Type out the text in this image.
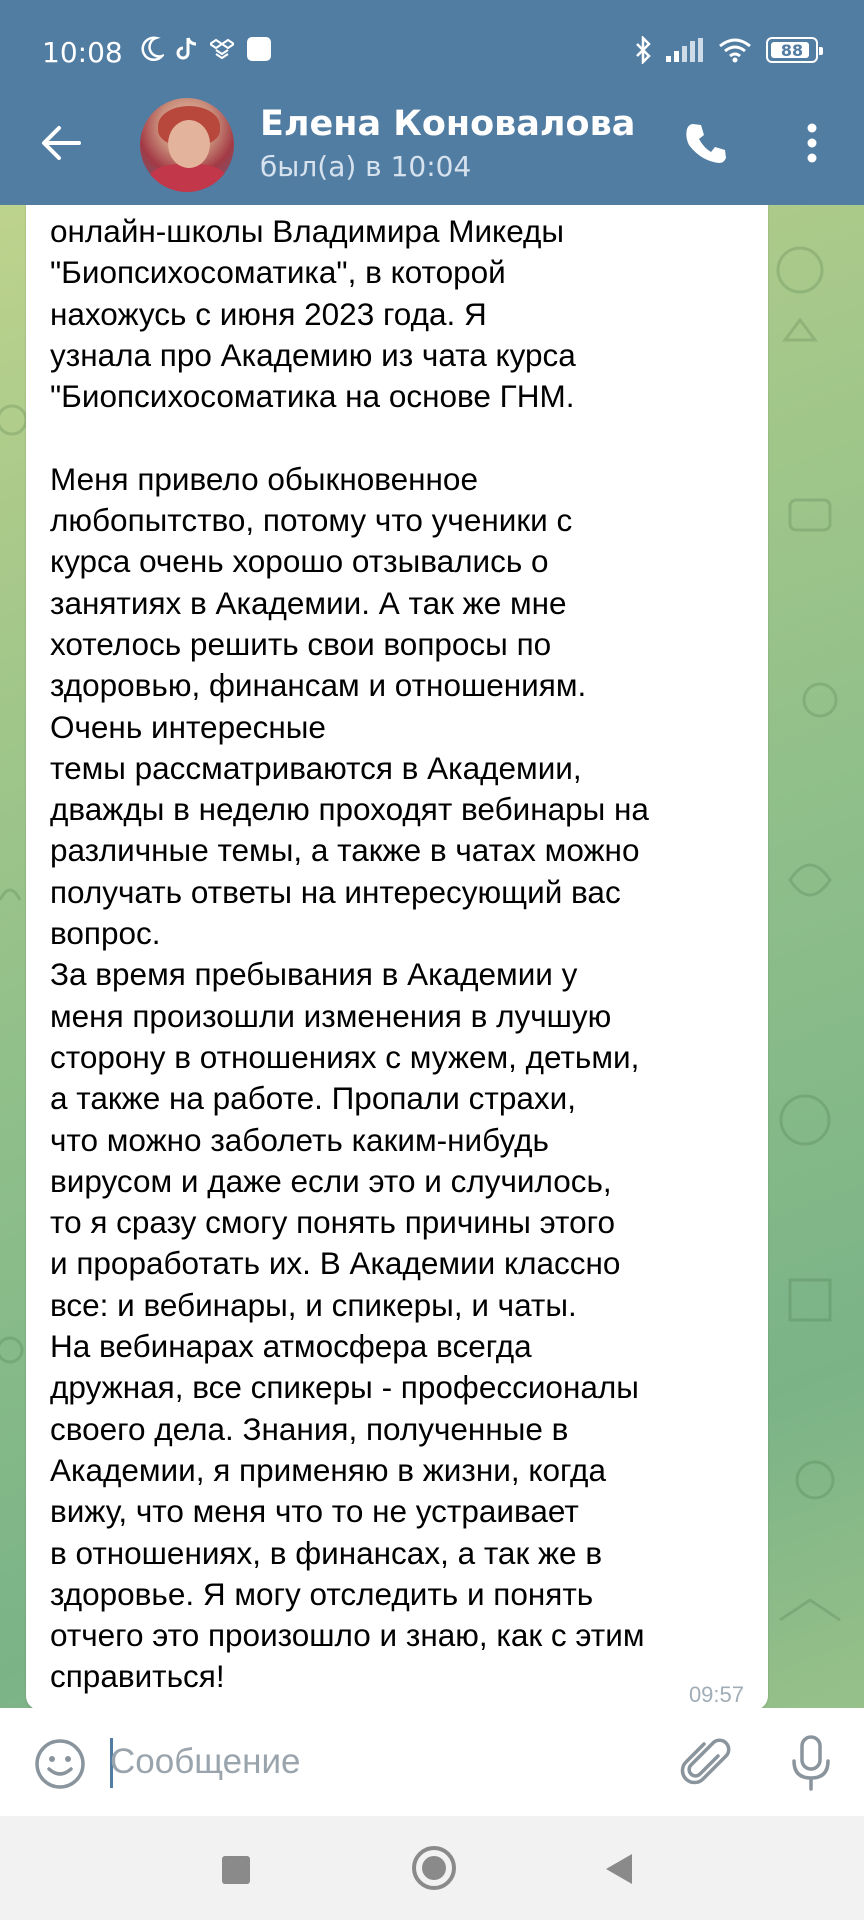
10:08	88
Елена Коновалова
был(а) в 10:04
онлайн-школы Владимира Микеды
"Биопсихосоматика", в которой
нахожусь с июня 2023 года. Я
узнала про Академию из чата курса
"Биопсихосоматика на основе ГНМ.

Меня привело обыкновенное
любопытство, потому что ученики с
курса очень хорошо отзывались о
занятиях в Академии. А так же мне
хотелось решить свои вопросы по
здоровью, финансам и отношениям.
Очень интересные
темы рассматриваются в Академии,
дважды в неделю проходят вебинары на
различные темы, а также в чатах можно
получать ответы на интересующий вас
вопрос.
За время пребывания в Академии у
меня произошли изменения в лучшую
сторону в отношениях с мужем, детьми,
а также на работе. Пропали страхи,
что можно заболеть каким-нибудь
вирусом и даже если это и случилось,
то я сразу смогу понять причины этого
и проработать их. В Академии классно
все: и вебинары, и спикеры, и чаты.
На вебинарах атмосфера всегда
дружная, все спикеры - профессионалы
своего дела. Знания, полученные в
Академии, я применяю в жизни, когда
вижу, что меня что то не устраивает
в отношениях, в финансах, а так же в
здоровье. Я могу отследить и понять
отчего это произошло и знаю, как с этим
справиться!
09:57
Сообщение
